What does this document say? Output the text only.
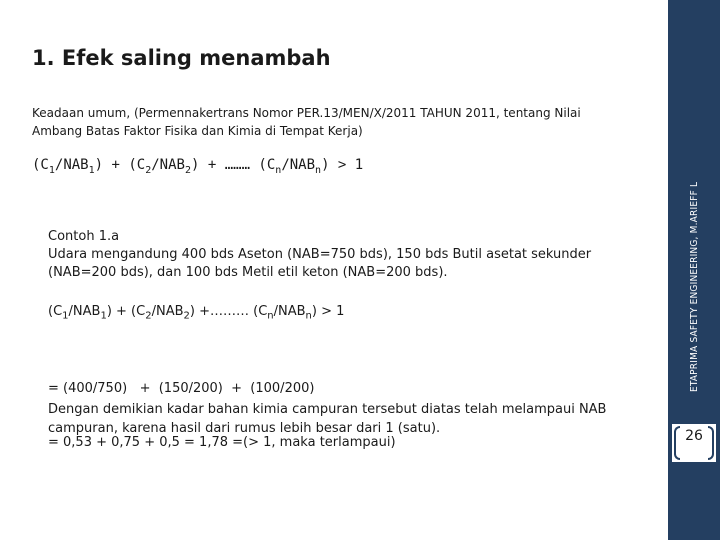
ETAPRIMA SAFETY ENGINEERING, M.ARIEFF L
26
1. Efek saling menambah
Keadaan umum, (Permennakertrans Nomor PER.13/MEN/X/2011 TAHUN 2011, tentang Nilai Ambang Batas Faktor Fisika dan Kimia di Tempat Kerja)
$(C_1/NAB_1) + (C_2/NAB_2)$ + ……… $(C_n/NAB_n) > 1$
Contoh 1.a
Udara mengandung 400 bds Aseton (NAB=750 bds), 150 bds Butil asetat sekunder (NAB=200 bds), dan 100 bds Metil etil keton (NAB=200 bds).
$(C_1/NAB_1) + (C_2/NAB_2)$ +……… $(C_n/NAB_n) > 1$

= (400/750)   +  (150/200)  +  (100/200)

= 0,53 + 0,75 + 0,5 = 1,78 =(> 1, maka terlampaui)

Dengan demikian kadar bahan kimia campuran tersebut diatas telah melampaui NAB campuran, karena hasil dari rumus lebih besar dari 1 (satu).
